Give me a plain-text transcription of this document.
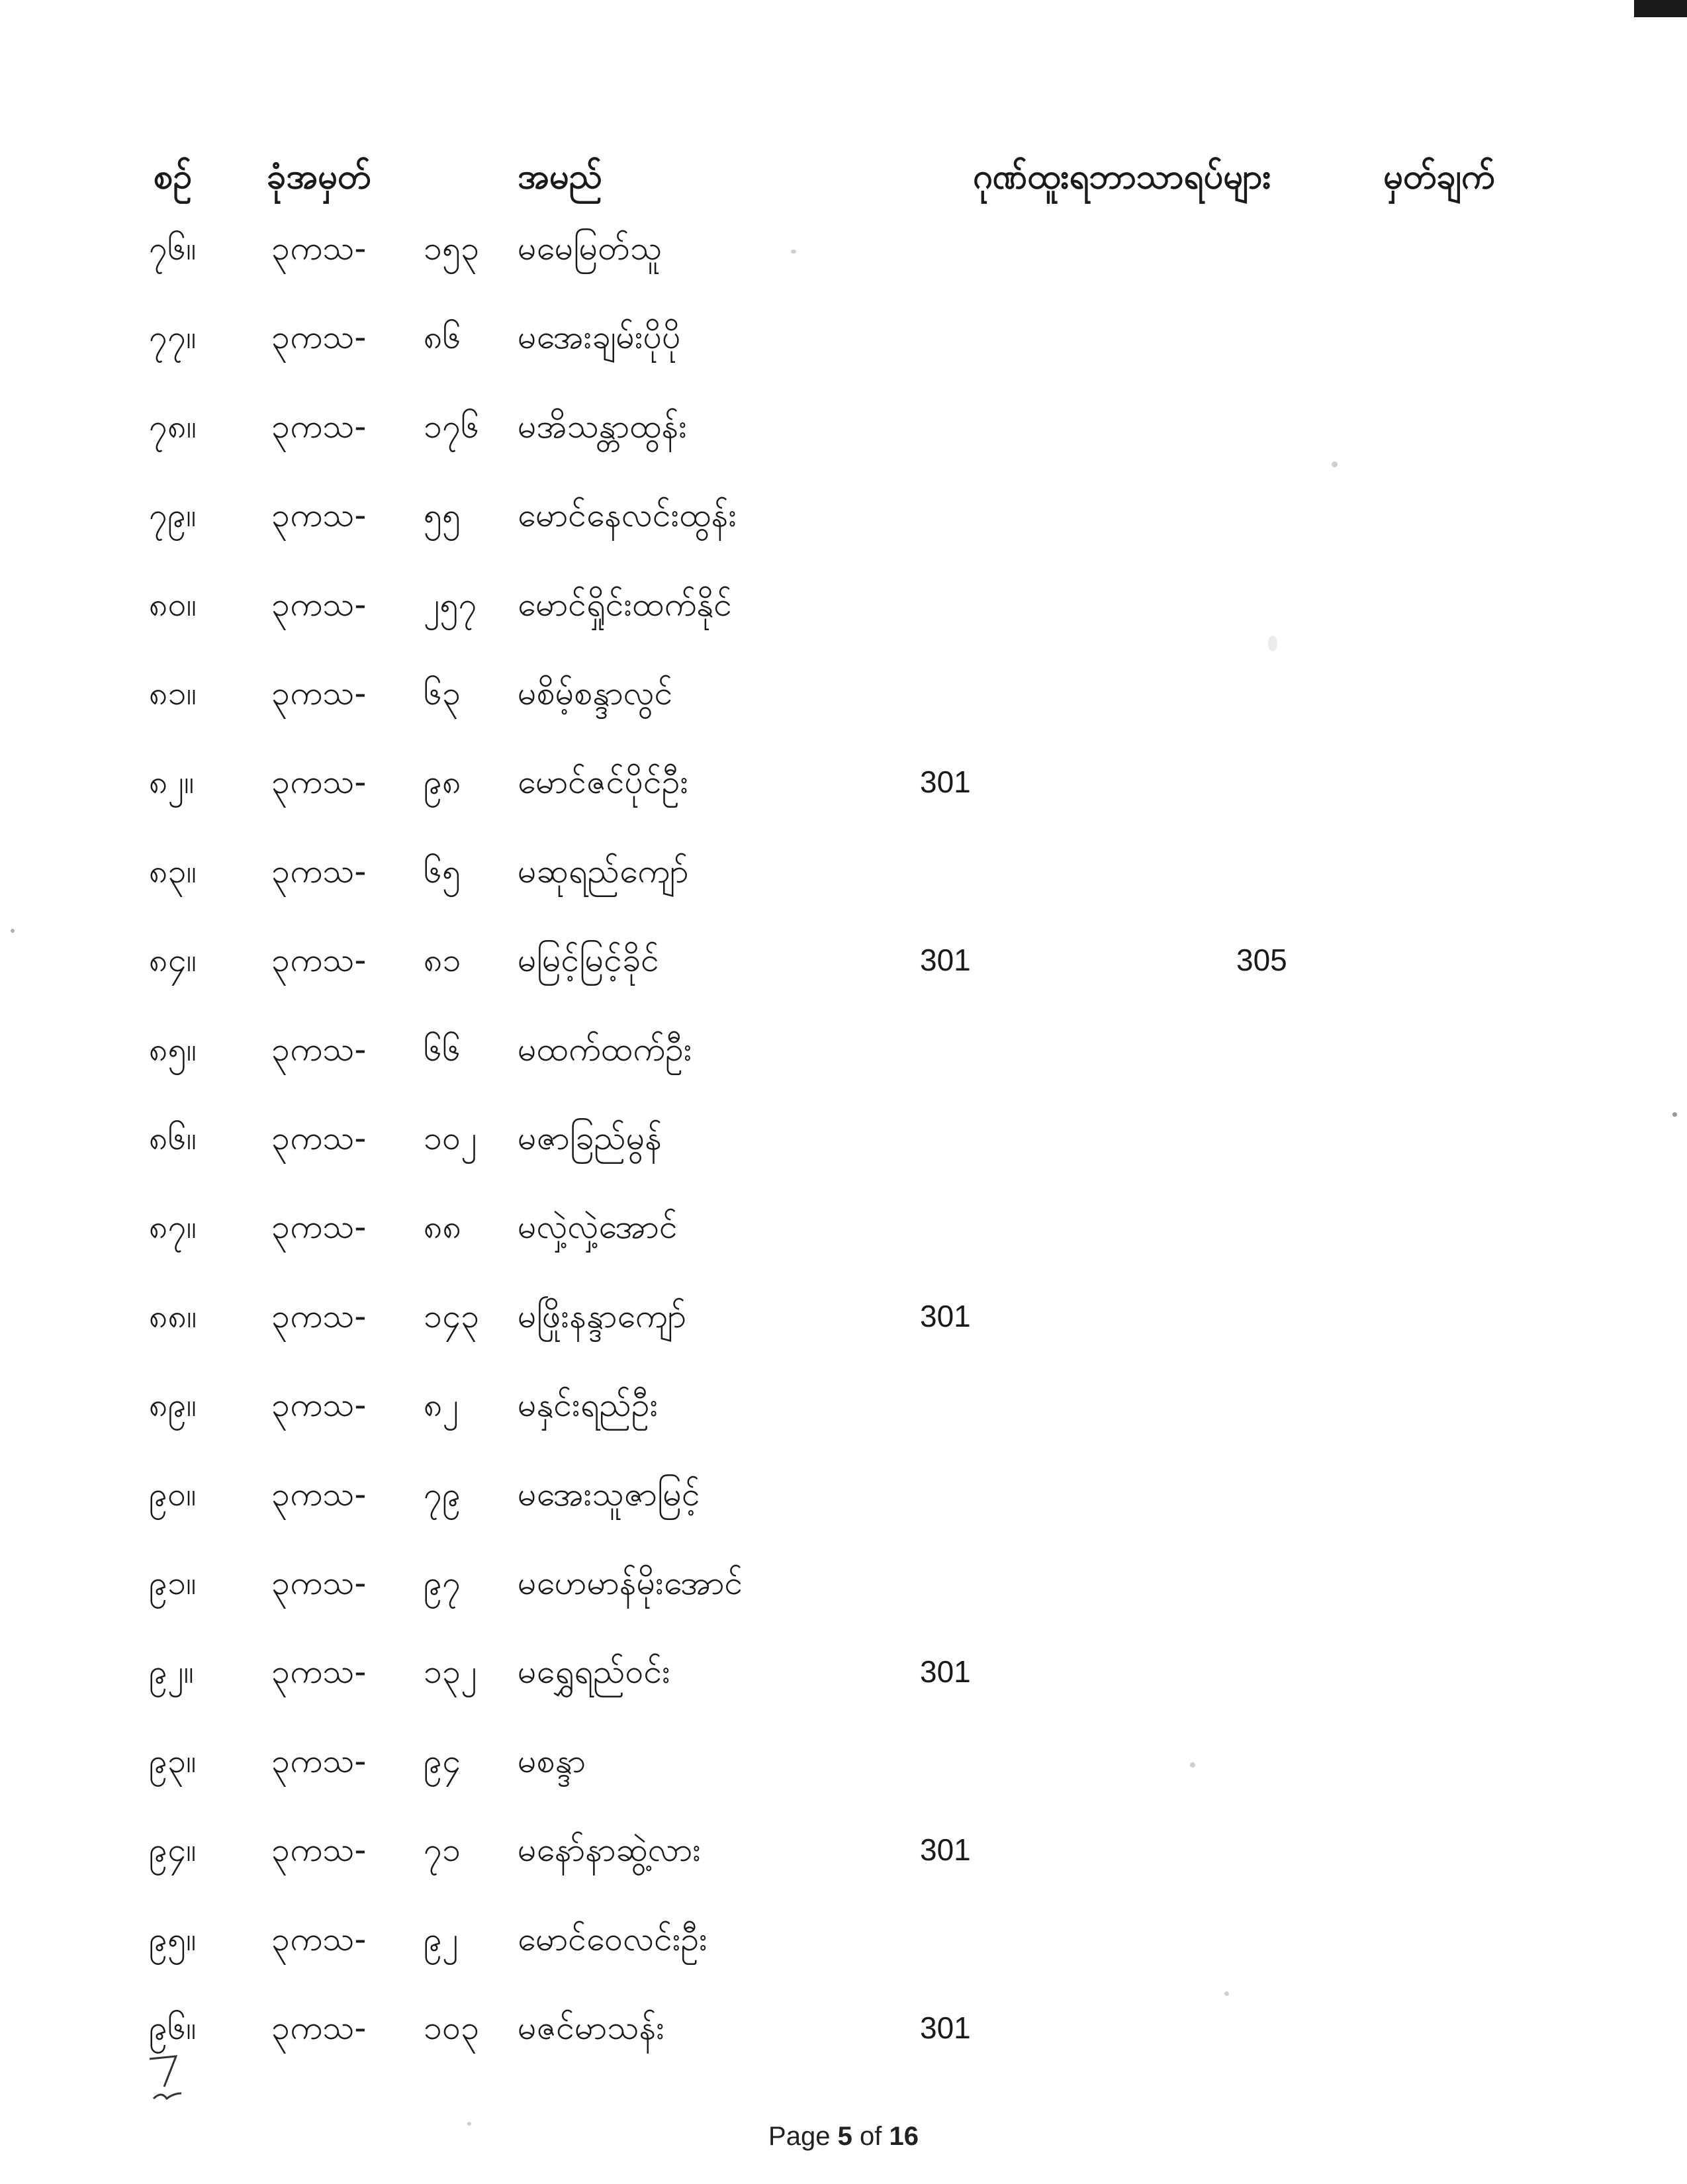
စဥ် ခုံအမှတ်	အမည်	ဂုဏ်ထူးရဘာသာရပ်များ	မှတ်ချက်
၇၆။ ၃ကသ- ၁၅၃ မမေမြတ်သူ
၇၇။ ၃ကသ- ၈၆ မအေးချမ်းပိုပို
၇၈။ ၃ကသ- ၁၇၆ မအိသန္တာထွန်း
၇၉။ ၃ကသ- ၅၅ မောင်နေလင်းထွန်း
၈၀။ ၃ကသ- ၂၅၇ မောင်ရှိုင်းထက်နိုင်
၈၁။ ၃ကသ- ၆၃ မစိမ့်စန္ဒာလွင်
၈၂။ ၃ကသ- ၉၈ မောင်ဇင်ပိုင်ဦး	301
၈၃။ ၃ကသ- ၆၅ မဆုရည်ကျော်
၈၄။ ၃ကသ- ၈၁ မမြင့်မြင့်ခိုင်	301	305
၈၅။ ၃ကသ- ၆၆ မထက်ထက်ဦး
၈၆။ ၃ကသ- ၁၀၂ မဇာခြည်မွန်
၈၇။ ၃ကသ- ၈၈ မလှဲ့လှဲ့အောင်
၈၈။ ၃ကသ- ၁၄၃ မဖြိုးနန္ဒာကျော်	301
၈၉။ ၃ကသ- ၈၂ မနှင်းရည်ဦး
၉၀။ ၃ကသ- ၇၉ မအေးသူဇာမြင့်
၉၁။ ၃ကသ- ၉၇ မဟေမာန်မိုးအောင်
၉၂။ ၃ကသ- ၁၃၂ မရွှေရည်ဝင်း	301
၉၃။ ၃ကသ- ၉၄ မစန္ဒာ
၉၄။ ၃ကသ- ၇၁ မနော်နာဆွဲ့လား	301
၉၅။ ၃ကသ- ၉၂ မောင်ဝေလင်းဦး
၉၆။ ၃ကသ- ၁၀၃ မဇင်မာသန်း	301
Page 5 of 16
